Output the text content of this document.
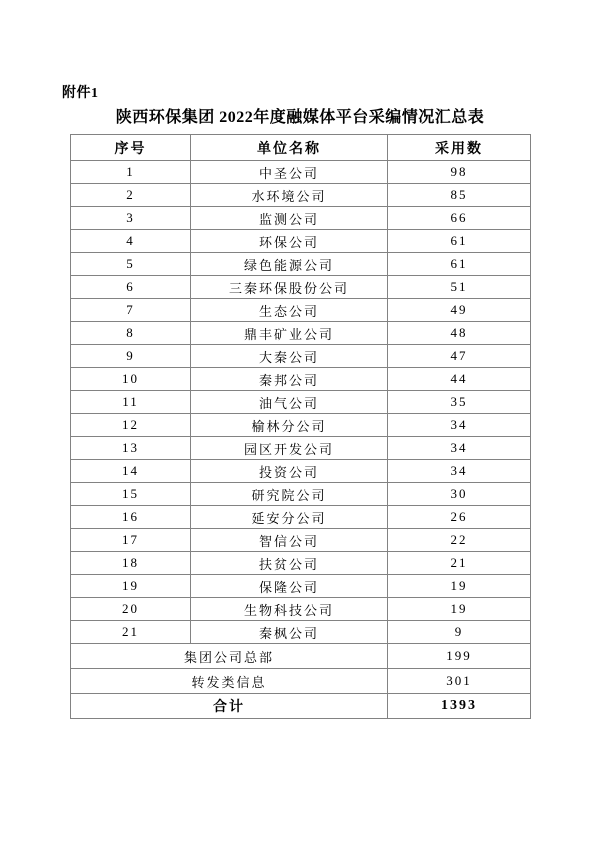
附件1
陕西环保集团 2022年度融媒体平台采编情况汇总表
序号	单位名称	采用数
1	中圣公司	98
2	水环境公司	85
3	监测公司	66
4	环保公司	61
5	绿色能源公司	61
6	三秦环保股份公司	51
7	生态公司	49
8	鼎丰矿业公司	48
9	大秦公司	47
10	秦邦公司	44
11	油气公司	35
12	榆林分公司	34
13	园区开发公司	34
14	投资公司	34
15	研究院公司	30
16	延安分公司	26
17	智信公司	22
18	扶贫公司	21
19	保隆公司	19
20	生物科技公司	19
21	秦枫公司	9
集团公司总部		199
转发类信息		301
合计		1393
